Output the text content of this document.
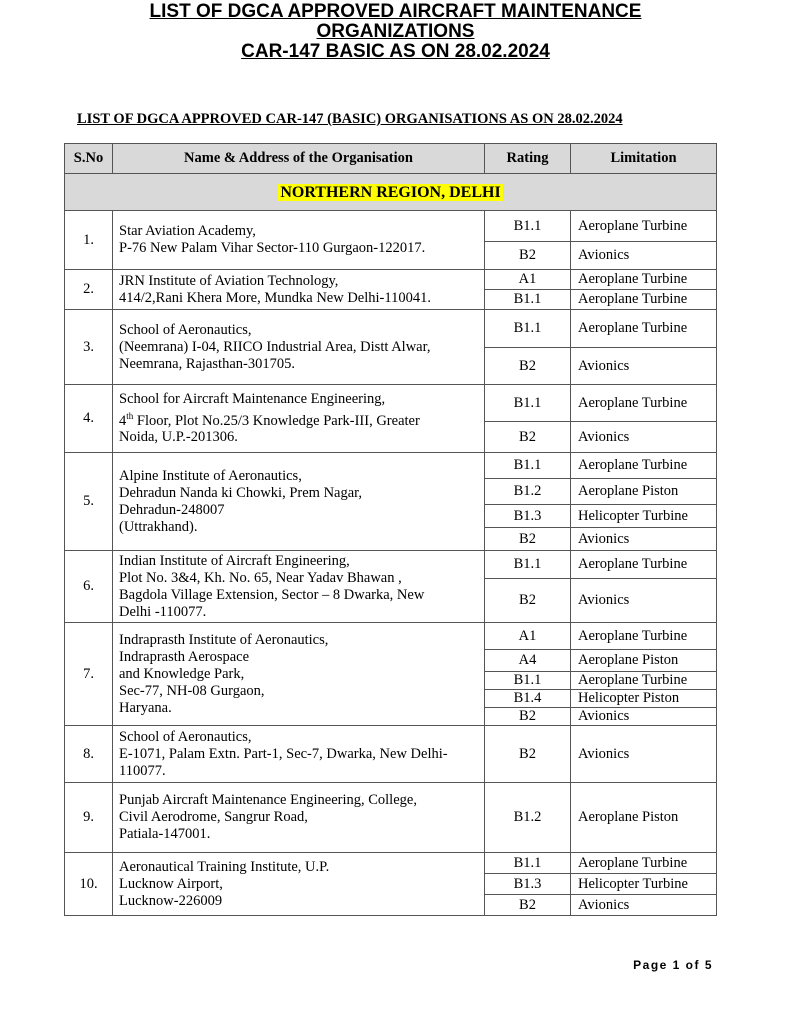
LIST OF DGCA APPROVED AIRCRAFT MAINTENANCE
ORGANIZATIONS
CAR-147 BASIC AS ON 28.02.2024
LIST OF DGCA APPROVED CAR-147 (BASIC) ORGANISATIONS AS ON 28.02.2024
S.No	Name & Address of the Organisation	Rating	Limitation
NORTHERN REGION, DELHI			
1.	Star Aviation Academy,
P-76 New Palam Vihar Sector-110 Gurgaon-122017.	B1.1	Aeroplane Turbine
		B2	Avionics
2.	JRN Institute of Aviation Technology,
414/2,Rani Khera More, Mundka New Delhi-110041.	A1	Aeroplane Turbine
		B1.1	Aeroplane Turbine
3.	School of Aeronautics,
(Neemrana) I-04, RIICO Industrial Area, Distt Alwar,
Neemrana, Rajasthan-301705.	B1.1	Aeroplane Turbine
		B2	Avionics
4.	School for Aircraft Maintenance Engineering,
4th Floor, Plot No.25/3 Knowledge Park-III, Greater
Noida, U.P.-201306.	B1.1	Aeroplane Turbine
		B2	Avionics
5.	Alpine Institute of Aeronautics,
Dehradun Nanda ki Chowki, Prem Nagar,
Dehradun-248007
(Uttrakhand).	B1.1	Aeroplane Turbine
		B1.2	Aeroplane Piston
		B1.3	Helicopter Turbine
		B2	Avionics
6.	Indian Institute of Aircraft Engineering,
Plot No. 3&4, Kh. No. 65, Near Yadav Bhawan ,
Bagdola Village Extension, Sector – 8 Dwarka, New
Delhi -110077.	B1.1	Aeroplane Turbine
		B2	Avionics
7.	Indraprasth Institute of Aeronautics,
Indraprasth Aerospace
and Knowledge Park,
Sec-77, NH-08 Gurgaon,
Haryana.	A1	Aeroplane Turbine
		A4	Aeroplane Piston
		B1.1	Aeroplane Turbine
		B1.4	Helicopter Piston
		B2	Avionics
8.	School of Aeronautics,
E-1071, Palam Extn. Part-1, Sec-7, Dwarka, New Delhi-
110077.	B2	Avionics
9.	Punjab Aircraft Maintenance Engineering, College,
Civil Aerodrome, Sangrur Road,
Patiala-147001.	B1.2	Aeroplane Piston
10.	Aeronautical Training Institute, U.P.
Lucknow Airport,
Lucknow-226009	B1.1	Aeroplane Turbine
		B1.3	Helicopter Turbine
		B2	Avionics
Page 1 of 5
